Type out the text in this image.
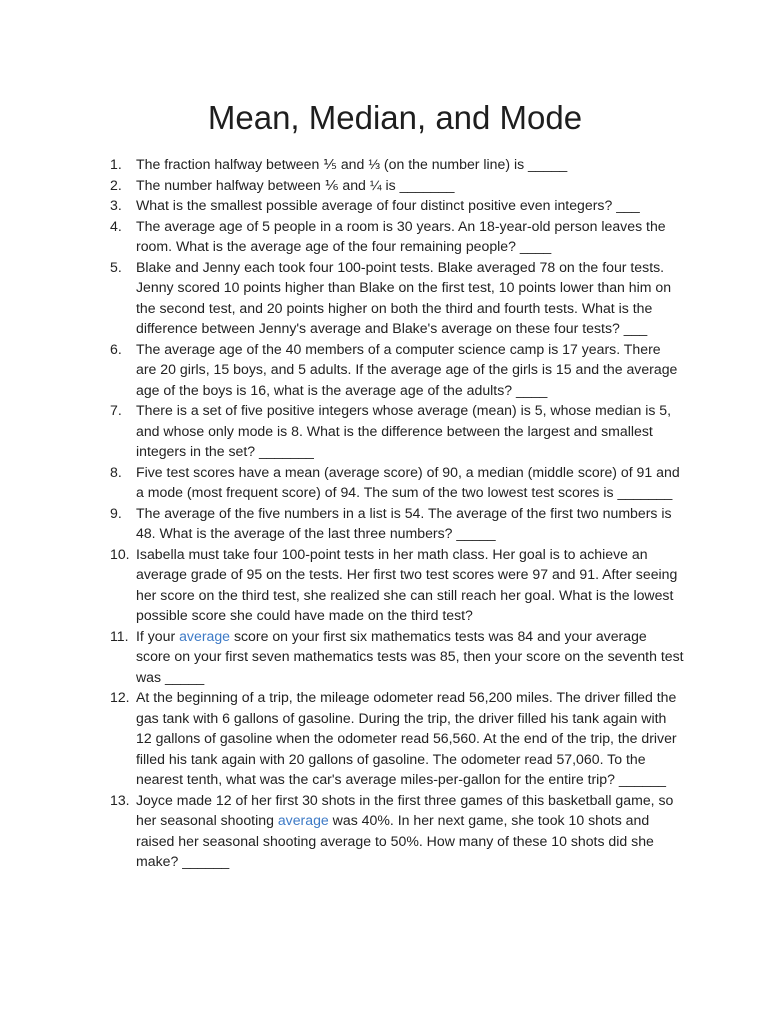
Mean, Median, and Mode
1. The fraction halfway between ⅕ and ⅓ (on the number line) is _____
2. The number halfway between ⅙ and ¼ is _______
3. What is the smallest possible average of four distinct positive even integers? ___
4. The average age of 5 people in a room is 30 years. An 18-year-old person leaves the room. What is the average age of the four remaining people? ____
5. Blake and Jenny each took four 100-point tests. Blake averaged 78 on the four tests. Jenny scored 10 points higher than Blake on the first test, 10 points lower than him on the second test, and 20 points higher on both the third and fourth tests. What is the difference between Jenny's average and Blake's average on these four tests? ___
6. The average age of the 40 members of a computer science camp is 17 years. There are 20 girls, 15 boys, and 5 adults. If the average age of the girls is 15 and the average age of the boys is 16, what is the average age of the adults? ____
7. There is a set of five positive integers whose average (mean) is 5, whose median is 5, and whose only mode is 8. What is the difference between the largest and smallest integers in the set? _______
8. Five test scores have a mean (average score) of 90, a median (middle score) of 91 and a mode (most frequent score) of 94. The sum of the two lowest test scores is _______
9. The average of the five numbers in a list is 54. The average of the first two numbers is 48. What is the average of the last three numbers? _____
10. Isabella must take four 100-point tests in her math class. Her goal is to achieve an average grade of 95 on the tests. Her first two test scores were 97 and 91. After seeing her score on the third test, she realized she can still reach her goal. What is the lowest possible score she could have made on the third test?
11. If your average score on your first six mathematics tests was 84 and your average score on your first seven mathematics tests was 85, then your score on the seventh test was _____
12. At the beginning of a trip, the mileage odometer read 56,200 miles. The driver filled the gas tank with 6 gallons of gasoline. During the trip, the driver filled his tank again with 12 gallons of gasoline when the odometer read 56,560. At the end of the trip, the driver filled his tank again with 20 gallons of gasoline. The odometer read 57,060. To the nearest tenth, what was the car's average miles-per-gallon for the entire trip? ______
13. Joyce made 12 of her first 30 shots in the first three games of this basketball game, so her seasonal shooting average was 40%. In her next game, she took 10 shots and raised her seasonal shooting average to 50%. How many of these 10 shots did she make? ______
